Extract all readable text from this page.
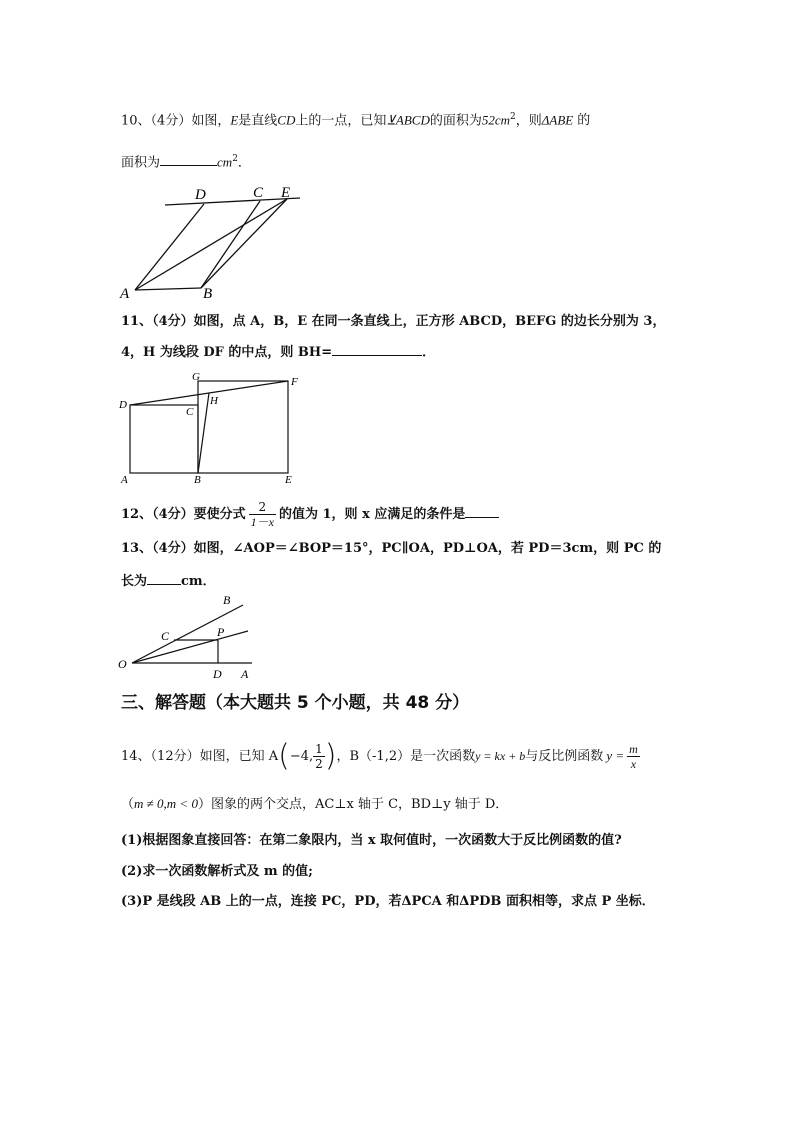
10、（4分）如图，E是直线CD上的一点，已知⊻ABCD的面积为$52cm^2$，则ΔABE 的
面积为	$cm^2$．
D	C E
A	B
11、（4分）如图，点 A，B，E 在同一条直线上，正方形 ABCD，BEFG 的边长分别为 3，
4，H 为线段 DF 的中点，则 BH=	．
G	F
D	H
C
A	B	E
12、（4分）要使分式 $\frac{2}{1-x}$ 的值为 1，则 x 应满足的条件是
13、（4分）如图，∠AOP＝∠BOP＝15°，PC∥OA，PD⊥OA，若 PD＝3cm，则 PC 的
长为	cm．
B
C	P
O
D A
三、解答题（本大题共 5 个小题，共 48 分）
14、（12分）如图，已知 A(−4, $\frac{1}{2}$ )，B（-1,2）是一次函数y = kx + b与反比例函数 $y = \frac{m}{x}$
（m ≠ 0,m < 0）图象的两个交点，AC⊥x 轴于 C，BD⊥y 轴于 D．
(1)根据图象直接回答：在第二象限内，当 x 取何值时，一次函数大于反比例函数的值?
(2)求一次函数解析式及 m 的值;
(3)P 是线段 AB 上的一点，连接 PC，PD，若ΔPCA 和ΔPDB 面积相等，求点 P 坐标．
